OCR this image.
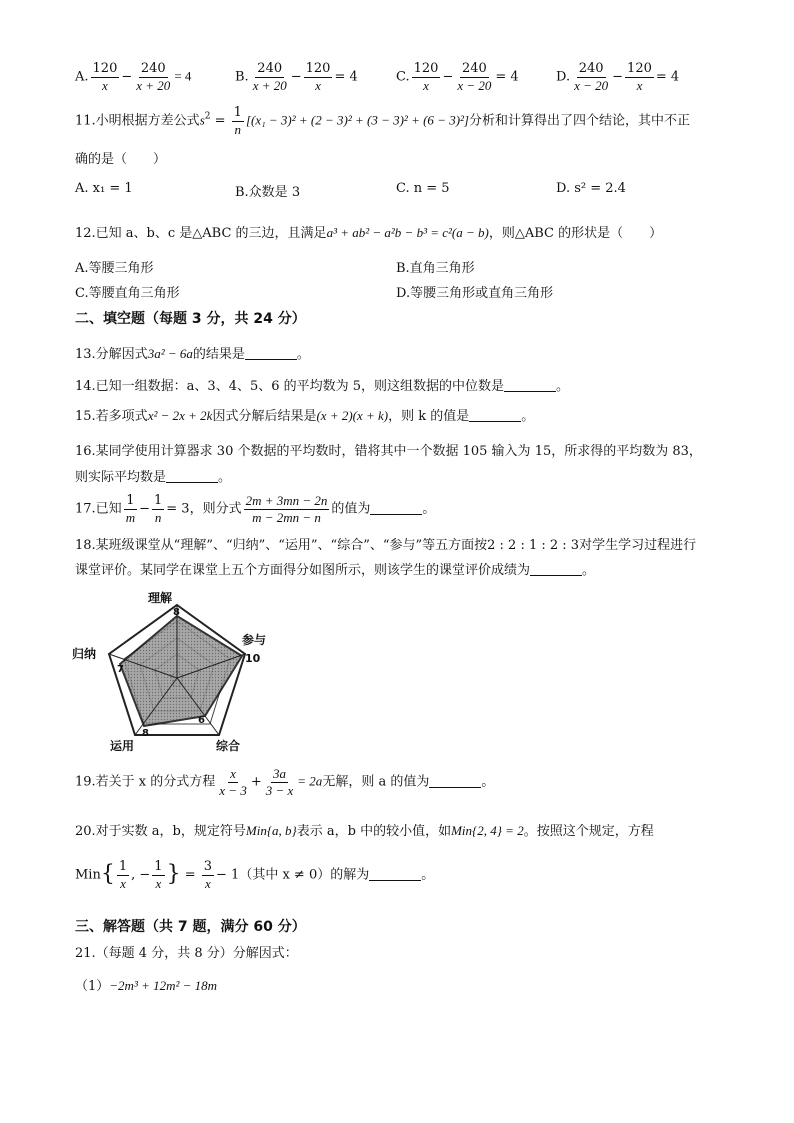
A. $\frac{120}{x} - \frac{240}{x + 20} = 4$	B. $\frac{240}{x + 20} - \frac{120}{x} = 4$	C. $\frac{120}{x} - \frac{240}{x - 20} = 4$	D. $\frac{240}{x - 20} - \frac{120}{x} = 4$
11.小明根据方差公式$s^2 = \frac{1}{n} [(x_1 - 3)^2 + (2 - 3)^2 + (3 - 3)^2 + (6 - 3)^2]$分析和计算得出了四个结论，其中不正
确的是（　　）
A. x₁ = 1	B.众数是 3	C. n = 5	D. s² = 2.4
12.已知 a、b、c 是△ABC 的三边，且满足a³ + ab² − a²b − b³ = c²(a − b)，则△ABC 的形状是（　　）
A.等腰三角形	B.直角三角形
C.等腰直角三角形	D.等腰三角形或直角三角形
二、填空题（每题 3 分，共 24 分）
13.分解因式3a² − 6a的结果是	。
14.已知一组数据：a、3、4、5、6 的平均数为 5，则这组数据的中位数是	。
15.若多项式x² − 2x + 2k因式分解后结果是(x + 2)(x + k)，则 k 的值是	。
16.某同学使用计算器求 30 个数据的平均数时，错将其中一个数据 105 输入为 15，所求得的平均数为 83，
则实际平均数是	。
17.已知 $\frac{1}{m} - \frac{1}{n} = 3$，则分式 $\frac{2m + 3mn - 2n}{m - 2mn - n}$ 的值为	。
18.某班级课堂从“理解”、“归纳”、“运用”、“综合”、“参与”等五方面按2 : 2 : 1 : 2 : 3对学生学习过程进行
课堂评价。某同学在课堂上五个方面得分如图所示，则该学生的课堂评价成绩为	。
理解
参与
综合
运用
归纳
8
10
6
8
7
19.若关于 x 的分式方程 $\frac{x}{x - 3} + \frac{3a}{3 - x} = 2a$无解，则 a 的值为	。
20.对于实数 a，b，规定符号Min{a, b}表示 a，b 中的较小值，如Min{2, 4} = 2。按照这个规定，方程
$Min\{ \frac{1}{x}$ , − $\frac{1}{x}$ } = $\frac{3}{x} - 1$（其中 x ≠ 0）的解为	。
三、解答题（共 7 题，满分 60 分）
21.（每题 4 分，共 8 分）分解因式：
（1）−2m³ + 12m² − 18m
